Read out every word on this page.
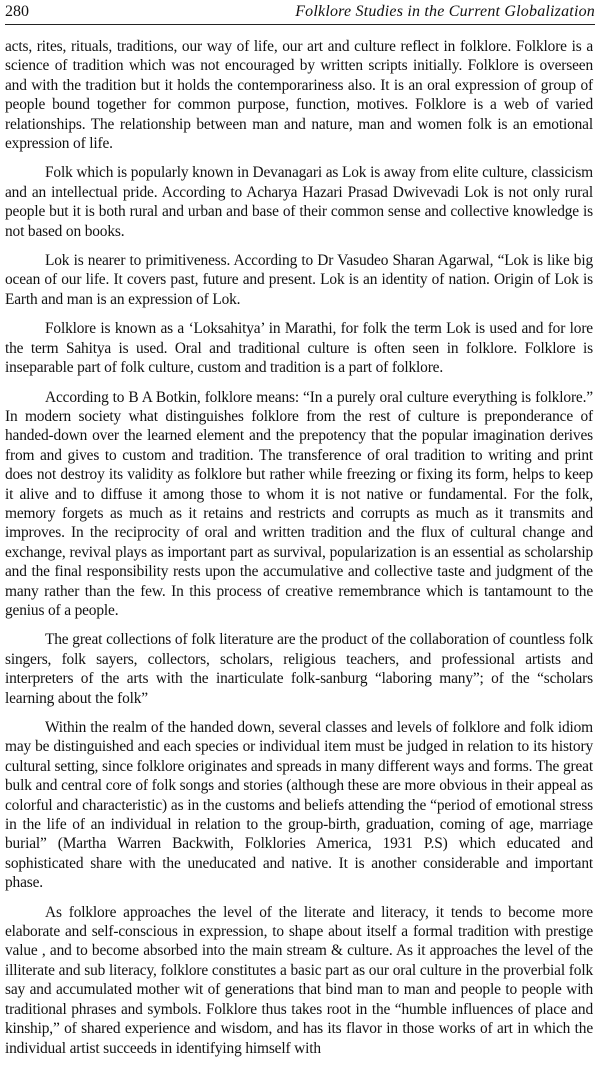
280	Folklore Studies in the Current Globalization

acts, rites, rituals, traditions, our way of life, our art and culture reflect in folklore. Folklore is a science of tradition which was not encouraged by written scripts initially. Folklore is overseen and with the tradition but it holds the contemporariness also. It is an oral expression of group of people bound together for common purpose, function, motives. Folklore is a web of varied relationships. The relationship between man and nature, man and women folk is an emotional expression of life.

Folk which is popularly known in Devanagari as Lok is away from elite culture, classicism and an intellectual pride. According to Acharya Hazari Prasad Dwivevadi Lok is not only rural people but it is both rural and urban and base of their common sense and collective knowledge is not based on books.

Lok is nearer to primitiveness. According to Dr Vasudeo Sharan Agarwal, “Lok is like big ocean of our life. It covers past, future and present. Lok is an identity of nation. Origin of Lok is Earth and man is an expression of Lok.

Folklore is known as a ‘Loksahitya’ in Marathi, for folk the term Lok is used and for lore the term Sahitya is used. Oral and traditional culture is often seen in folklore. Folklore is inseparable part of folk culture, custom and tradition is a part of folklore.

According to B A Botkin, folklore means: “In a purely oral culture everything is folklore.” In modern society what distinguishes folklore from the rest of culture is preponderance of handed-down over the learned element and the prepotency that the popular imagination derives from and gives to custom and tradition. The transference of oral tradition to writing and print does not destroy its validity as folklore but rather while freezing or fixing its form, helps to keep it alive and to diffuse it among those to whom it is not native or fundamental. For the folk, memory forgets as much as it retains and restricts and corrupts as much as it transmits and improves. In the reciprocity of oral and written tradition and the flux of cultural change and exchange, revival plays as important part as survival, popularization is an essential as scholarship and the final responsibility rests upon the accumulative and collective taste and judgment of the many rather than the few. In this process of creative remembrance which is tantamount to the genius of a people.

The great collections of folk literature are the product of the collaboration of countless folk singers, folk sayers, collectors, scholars, religious teachers, and professional artists and interpreters of the arts with the inarticulate folk-sanburg “laboring many”; of the “scholars learning about the folk”

Within the realm of the handed down, several classes and levels of folklore and folk idiom may be distinguished and each species or individual item must be judged in relation to its history cultural setting, since folklore originates and spreads in many different ways and forms. The great bulk and central core of folk songs and stories (although these are more obvious in their appeal as colorful and characteristic) as in the customs and beliefs attending the “period of emotional stress in the life of an individual in relation to the group-birth, graduation, coming of age, marriage burial” (Martha Warren Backwith, Folklories America, 1931 P.S) which educated and sophisticated share with the uneducated and native. It is another considerable and important phase.

As folklore approaches the level of the literate and literacy, it tends to become more elaborate and self-conscious in expression, to shape about itself a formal tradition with prestige value , and to become absorbed into the main stream & culture. As it approaches the level of the illiterate and sub literacy, folklore constitutes a basic part as our oral culture in the proverbial folk say and accumulated mother wit of generations that bind man to man and people to people with traditional phrases and symbols. Folklore thus takes root in the “humble influences of place and kinship,” of shared experience and wisdom, and has its flavor in those works of art in which the individual artist succeeds in identifying himself with
